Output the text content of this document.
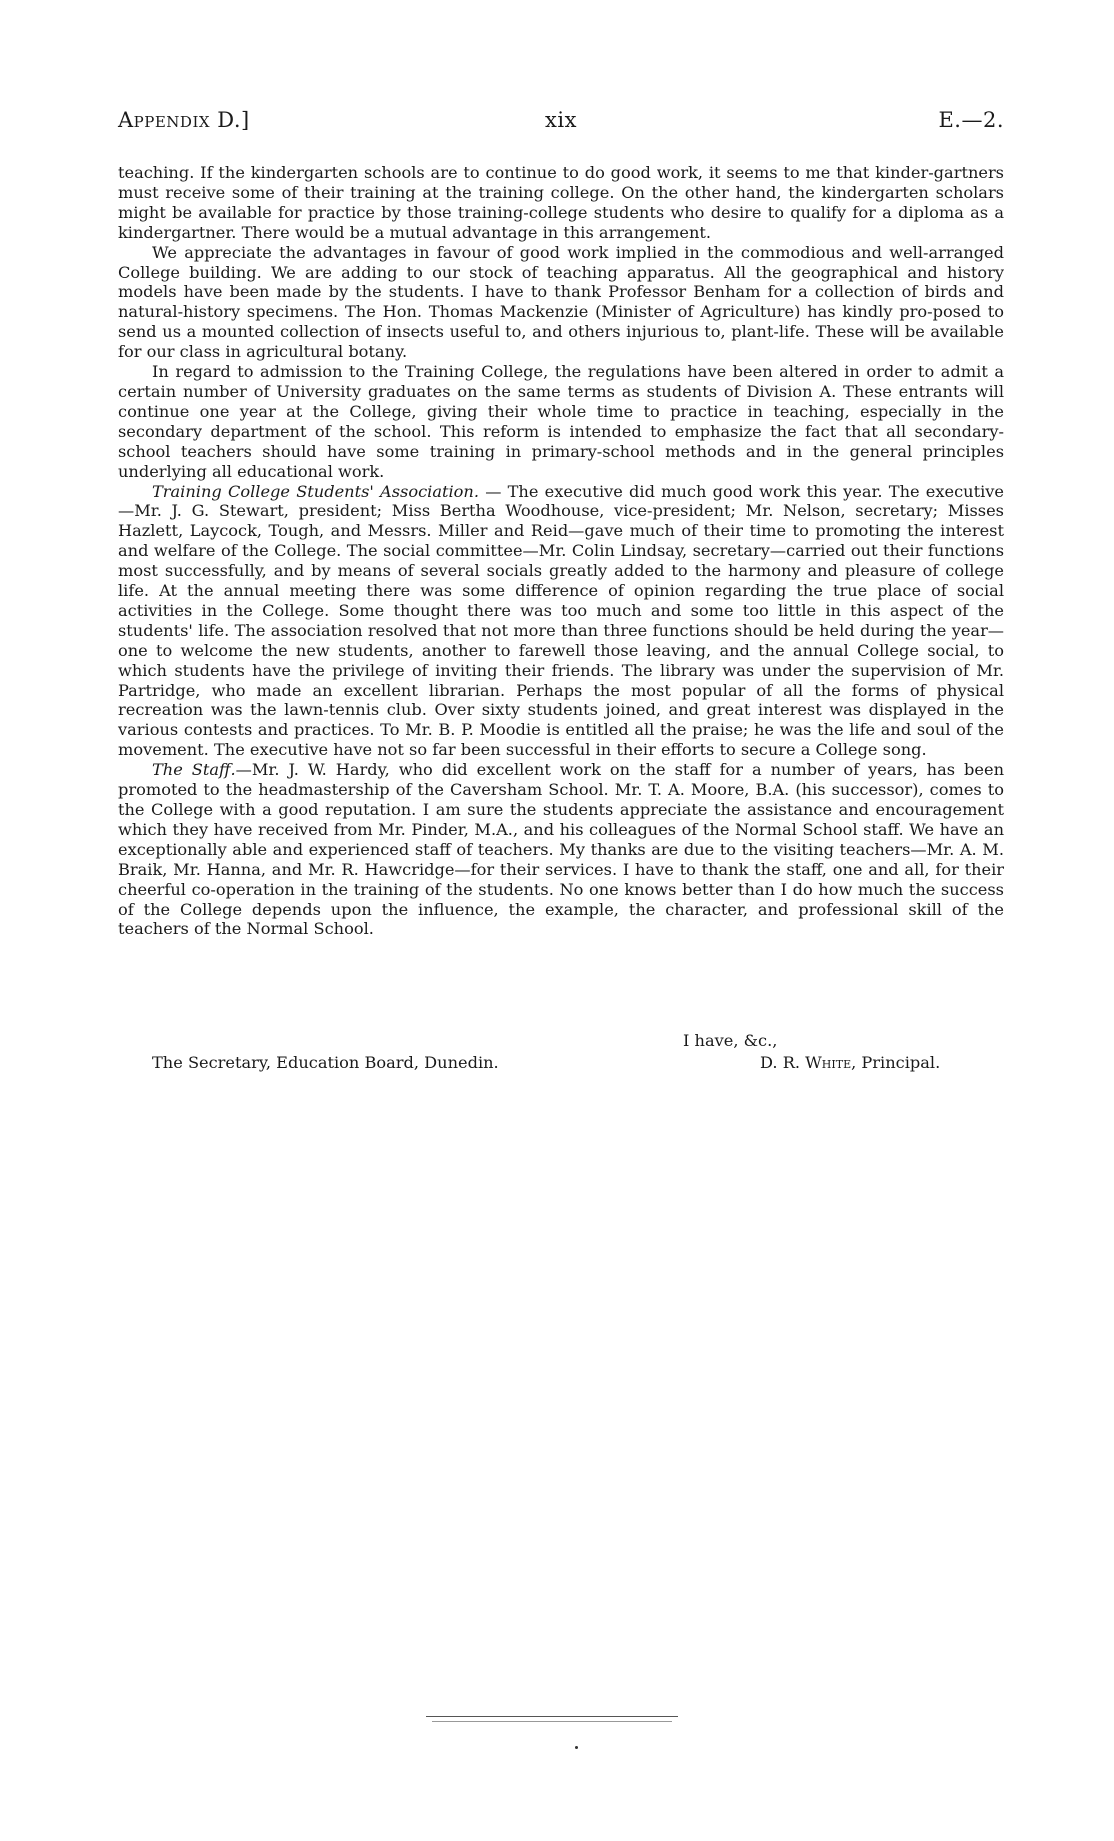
Appendix D.]	xix	E.—2.

teaching. If the kindergarten schools are to continue to do good work, it seems to me that kinder-gartners must receive some of their training at the training college. On the other hand, the kindergarten scholars might be available for practice by those training-college students who desire to qualify for a diploma as a kindergartner. There would be a mutual advantage in this arrangement.

We appreciate the advantages in favour of good work implied in the commodious and well-arranged College building. We are adding to our stock of teaching apparatus. All the geographical and history models have been made by the students. I have to thank Professor Benham for a collection of birds and natural-history specimens. The Hon. Thomas Mackenzie (Minister of Agriculture) has kindly pro-posed to send us a mounted collection of insects useful to, and others injurious to, plant-life. These will be available for our class in agricultural botany.

In regard to admission to the Training College, the regulations have been altered in order to admit a certain number of University graduates on the same terms as students of Division A. These entrants will continue one year at the College, giving their whole time to practice in teaching, especially in the secondary department of the school. This reform is intended to emphasize the fact that all secondary-school teachers should have some training in primary-school methods and in the general principles underlying all educational work.

Training College Students' Association. — The executive did much good work this year. The executive—Mr. J. G. Stewart, president; Miss Bertha Woodhouse, vice-president; Mr. Nelson, secretary; Misses Hazlett, Laycock, Tough, and Messrs. Miller and Reid—gave much of their time to promoting the interest and welfare of the College. The social committee—Mr. Colin Lindsay, secretary—carried out their functions most successfully, and by means of several socials greatly added to the harmony and pleasure of college life. At the annual meeting there was some difference of opinion regarding the true place of social activities in the College. Some thought there was too much and some too little in this aspect of the students' life. The association resolved that not more than three functions should be held during the year—one to welcome the new students, another to farewell those leaving, and the annual College social, to which students have the privilege of inviting their friends. The library was under the supervision of Mr. Partridge, who made an excellent librarian. Perhaps the most popular of all the forms of physical recreation was the lawn-tennis club. Over sixty students joined, and great interest was displayed in the various contests and practices. To Mr. B. P. Moodie is entitled all the praise; he was the life and soul of the movement. The executive have not so far been successful in their efforts to secure a College song.

The Staff.—Mr. J. W. Hardy, who did excellent work on the staff for a number of years, has been promoted to the headmastership of the Caversham School. Mr. T. A. Moore, B.A. (his successor), comes to the College with a good reputation. I am sure the students appreciate the assistance and encouragement which they have received from Mr. Pinder, M.A., and his colleagues of the Normal School staff. We have an exceptionally able and experienced staff of teachers. My thanks are due to the visiting teachers—Mr. A. M. Braik, Mr. Hanna, and Mr. R. Hawcridge—for their services. I have to thank the staff, one and all, for their cheerful co-operation in the training of the students. No one knows better than I do how much the success of the College depends upon the influence, the example, the character, and professional skill of the teachers of the Normal School.

I have, &c.,
The Secretary, Education Board, Dunedin.	D. R. White, Principal.
